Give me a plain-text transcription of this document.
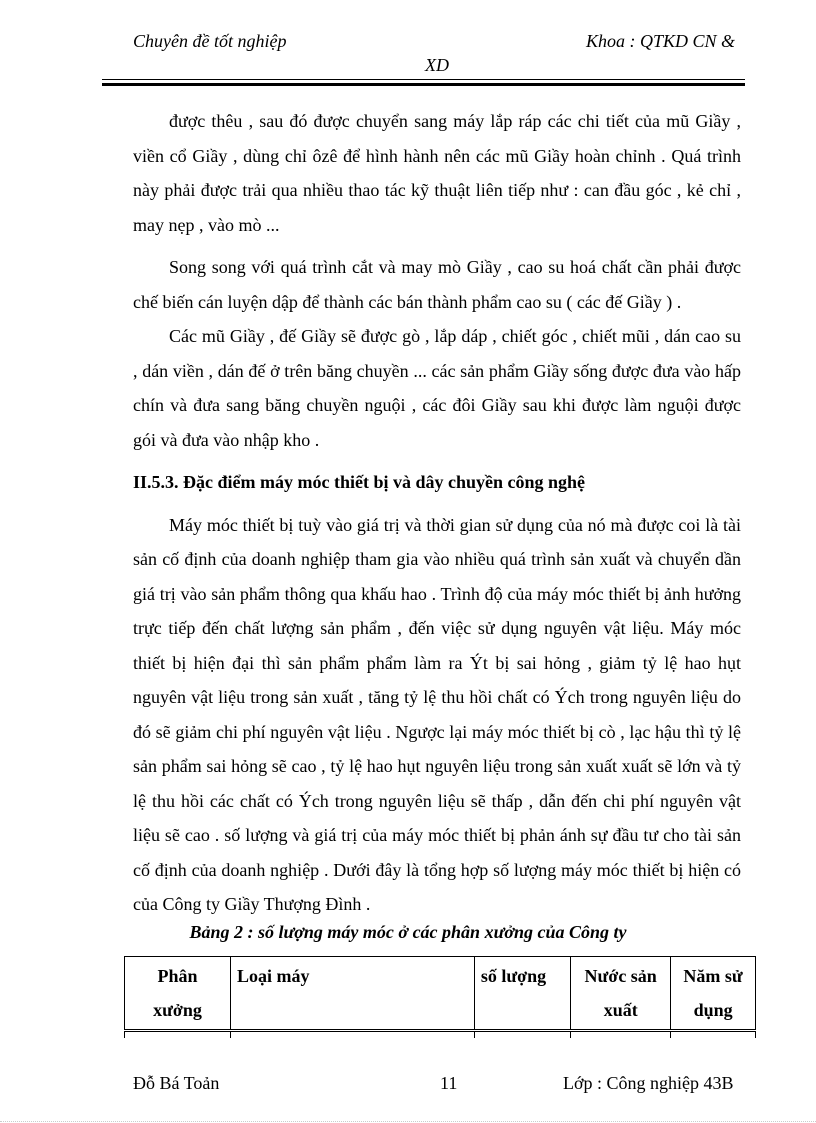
Chuyên đề tốt nghiệp	Khoa : QTKD CN &
XD

được thêu , sau đó được chuyển sang máy lắp ráp các chi tiết của mũ Giầy , viền cổ Giầy , dùng chỉ ôzê để hình hành nên các mũ Giầy hoàn chỉnh . Quá trình này phải được trải qua nhiều thao tác kỹ thuật liên tiếp như : can đầu góc , kẻ chỉ , may nẹp , vào mò ...

Song song với quá trình cắt và may mò Giầy , cao su hoá chất cần phải được chế biến cán luyện dập để thành các bán thành phẩm cao su ( các đế Giầy ) .

Các mũ Giầy , đế Giầy sẽ được gò , lắp dáp , chiết góc , chiết mũi , dán cao su , dán viền , dán đế ở trên băng chuyền ... các sản phẩm Giầy sống được đưa vào hấp chín và đưa sang băng chuyền nguội , các đôi Giầy sau khi được làm nguội được gói và đưa vào nhập kho .

II.5.3. Đặc điểm máy móc thiết bị và dây chuyền công nghệ

Máy móc thiết bị tuỳ vào giá trị và thời gian sử dụng của nó mà được coi là tài sản cố định của doanh nghiệp tham gia vào nhiều quá trình sản xuất và chuyển dần giá trị vào sản phẩm thông qua khấu hao . Trình độ của máy móc thiết bị ảnh hưởng trực tiếp đến chất lượng sản phẩm , đến việc sử dụng nguyên vật liệu. Máy móc thiết bị hiện đại thì sản phẩm phẩm làm ra Ýt bị sai hỏng , giảm tỷ lệ hao hụt nguyên vật liệu trong sản xuất , tăng tỷ lệ thu hồi chất có Ých trong nguyên liệu do đó sẽ giảm chi phí nguyên vật liệu . Ngược lại máy móc thiết bị cò , lạc hậu thì tỷ lệ sản phẩm sai hỏng sẽ cao , tỷ lệ hao hụt nguyên liệu trong sản xuất xuất sẽ lớn và tỷ lệ thu hồi các chất có Ých trong nguyên liệu sẽ thấp , dẫn đến chi phí nguyên vật liệu sẽ cao . số lượng và giá trị của máy móc thiết bị phản ánh sự đầu tư cho tài sản cố định của doanh nghiệp . Dưới đây là tổng hợp số lượng máy móc thiết bị hiện có của Công ty Giầy Thượng Đình .

Bảng 2 : số lượng máy móc ở các phân xưởng của Công ty
Phân xưởng	Loại máy	số lượng	Nước sản xuất	Năm sử dụng

Đỗ Bá Toản	11	Lớp : Công nghiệp 43B
